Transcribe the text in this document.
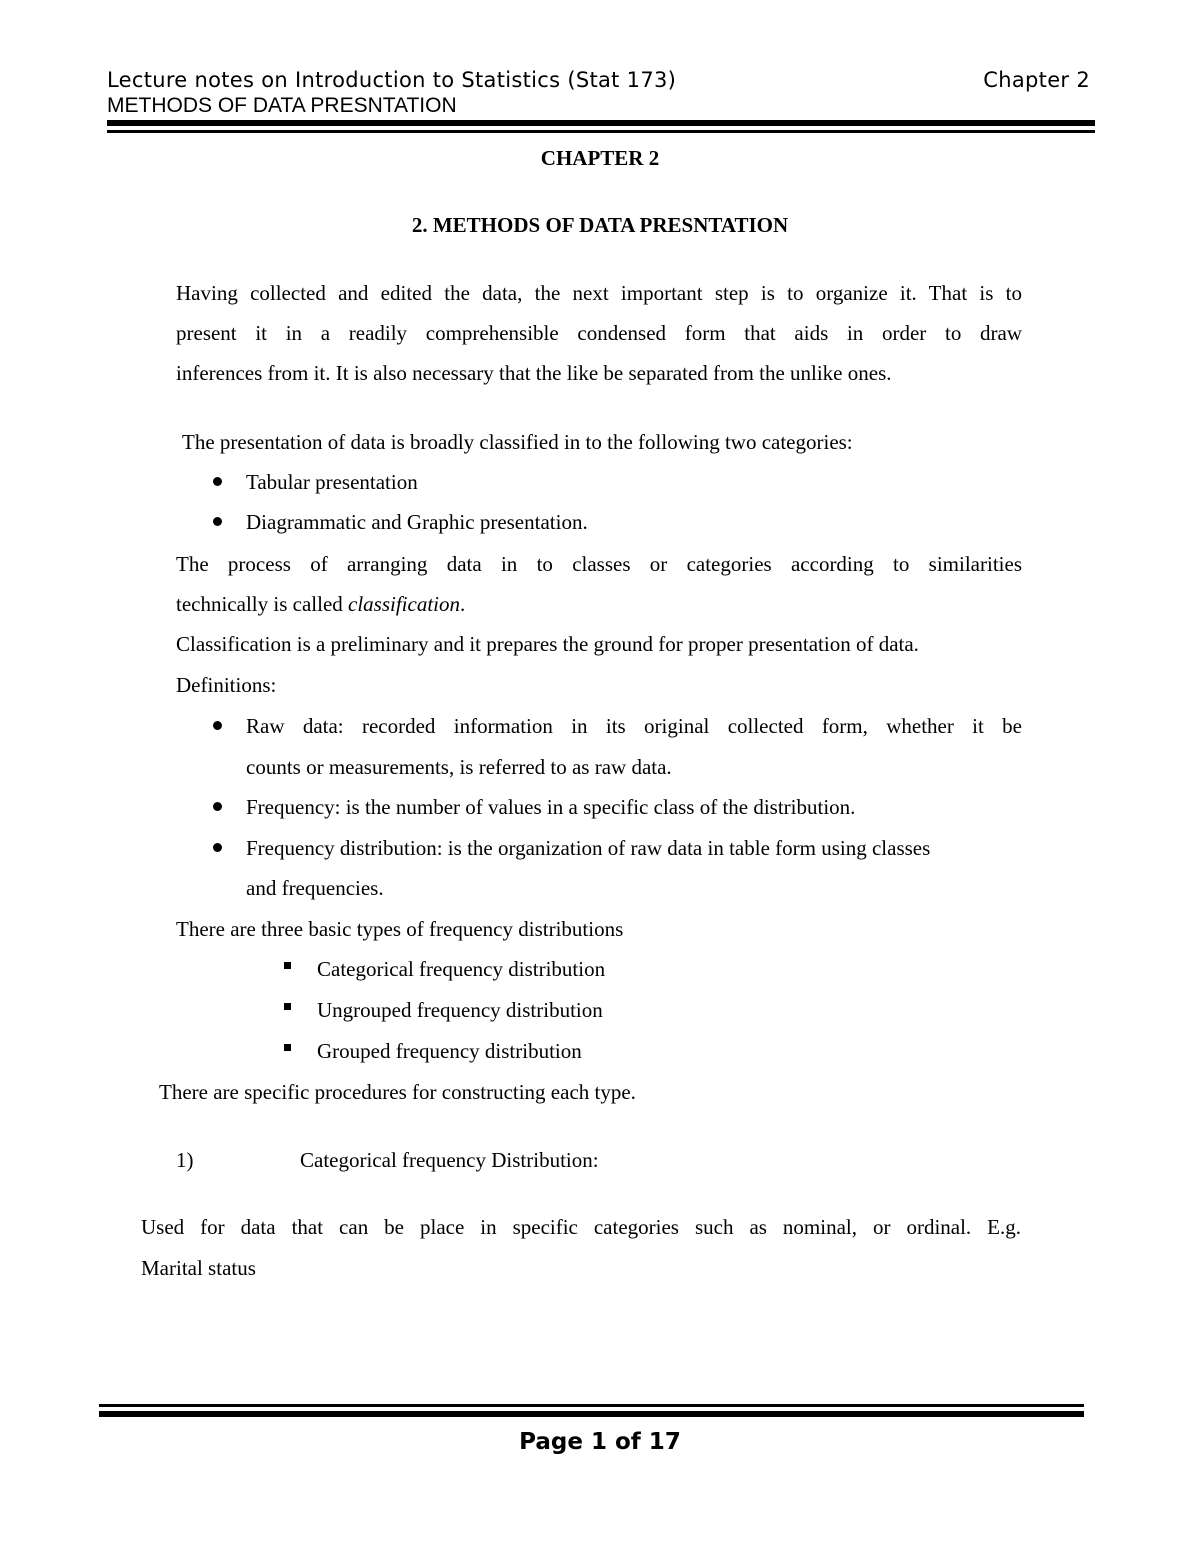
Lecture notes on Introduction to Statistics (Stat 173)	Chapter 2
METHODS OF DATA PRESNTATION
CHAPTER 2
2. METHODS OF DATA PRESNTATION
Having collected and edited the data, the next important step is to organize it. That is to
present it in a readily comprehensible condensed form that aids in order to draw
inferences from it. It is also necessary that the like be separated from the unlike ones.
The presentation of data is broadly classified in to the following two categories:
Tabular presentation
Diagrammatic and Graphic presentation.
The process of arranging data in to classes or categories according to similarities
technically is called classification.
Classification is a preliminary and it prepares the ground for proper presentation of data.
Definitions:
Raw data: recorded information in its original collected form, whether it be
counts or measurements, is referred to as raw data.
Frequency: is the number of values in a specific class of the distribution.
Frequency distribution: is the organization of raw data in table form using classes
and frequencies.
There are three basic types of frequency distributions
Categorical frequency distribution
Ungrouped frequency distribution
Grouped frequency distribution
There are specific procedures for constructing each type.
1)	Categorical frequency Distribution:
Used for data that can be place in specific categories such as nominal, or ordinal. E.g.
Marital status
Page 1 of 17
